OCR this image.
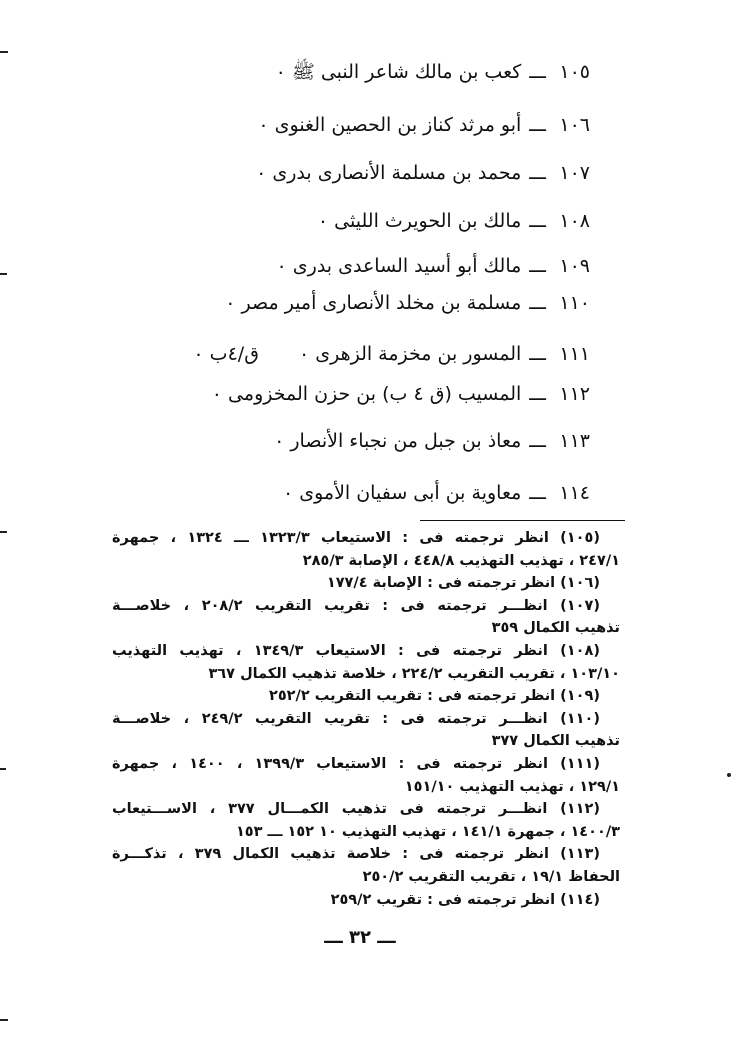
١٠٥ـــكعب بن مالك شاعر النبى ﷺ ٠
١٠٦ـــأبو مرثد كناز بن الحصين الغنوى ٠
١٠٧ـــمحمد بن مسلمة الأنصارى بدرى ٠
١٠٨ـــمالك بن الحويرث الليثى ٠
١٠٩ـــمالك أبو أسيد الساعدى بدرى ٠
١١٠ـــمسلمة بن مخلد الأنصارى أمير مصر ٠
١١١ـــالمسور بن مخزمة الزهرى ٠ق/٤ب ٠
١١٢ـــالمسيب (ق ٤ ب) بن حزن المخزومى ٠
١١٣ـــمعاذ بن جبل من نجباء الأنصار ٠
١١٤ـــمعاوية بن أبى سفيان الأموى ٠
(١٠٥) انظر ترجمته فى : الاستيعاب ١٣٢٣/٣ ـــ ١٣٢٤ ، جمهرة
٢٤٧/١ ، تهذيب التهذيب ٤٤٨/٨ ، الإصابة ٢٨٥/٣
(١٠٦) انظر ترجمته فى : الإصابة ١٧٧/٤
(١٠٧) انظـــر ترجمته فى : تقريب التقريب ٢٠٨/٢ ، خلاصـــة
تذهيب الكمال ٣٥٩
(١٠٨) انظر ترجمته فى : الاستيعاب ١٣٤٩/٣ ، تهذيب التهذيب
١٠٣/١٠ ، تقريب التقريب ٢٢٤/٢ ، خلاصة تذهيب الكمال ٣٦٧
(١٠٩) انظر ترجمته فى : تقريب التقريب ٢٥٢/٢
(١١٠) انظـــر ترجمته فى : تقريب التقريب ٢٤٩/٢ ، خلاصـــة
تذهيب الكمال ٣٧٧
(١١١) انظر ترجمته فى : الاستيعاب ١٣٩٩/٣ ، ١٤٠٠ ، جمهرة
١٢٩/١ ، تهذيب التهذيب ١٥١/١٠
(١١٢) انظـــر ترجمته فى تذهيب الكمـــال ٣٧٧ ، الاســـتيعاب
١٤٠٠/٣ ، جمهرة ١٤١/١ ، تهذيب التهذيب ١٠ ١٥٢ ـــ ١٥٣
(١١٣) انظر ترجمته فى : خلاصة تذهيب الكمال ٣٧٩ ، تذكـــرة
الحفاظ ١٩/١ ، تقريب التقريب ٢٥٠/٢
(١١٤) انظر ترجمته فى : تقريب ٢٥٩/٢
ـــ ٣٢ ـــ
